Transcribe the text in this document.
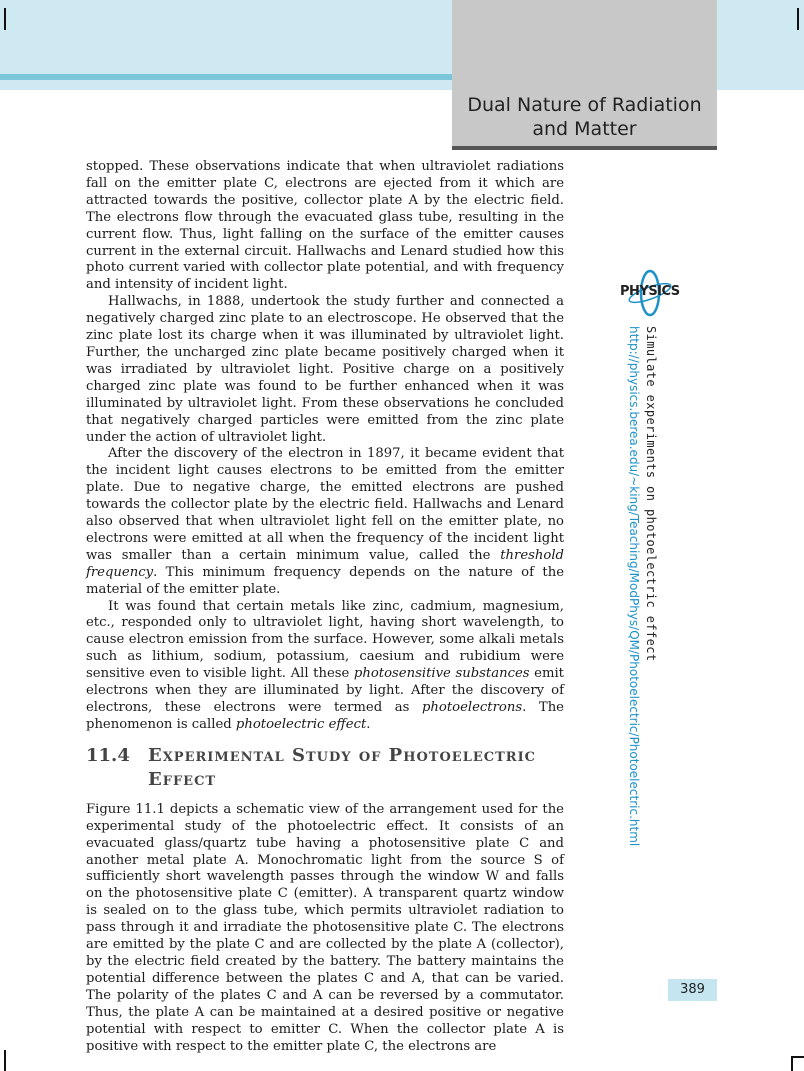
Dual Nature of Radiation
and Matter

stopped. These observations indicate that when ultraviolet radiations fall on the emitter plate C, electrons are ejected from it which are attracted towards the positive, collector plate A by the electric field. The electrons flow through the evacuated glass tube, resulting in the current flow. Thus, light falling on the surface of the emitter causes current in the external circuit. Hallwachs and Lenard studied how this photo current varied with collector plate potential, and with frequency and intensity of incident light.

Hallwachs, in 1888, undertook the study further and connected a negatively charged zinc plate to an electroscope. He observed that the zinc plate lost its charge when it was illuminated by ultraviolet light. Further, the uncharged zinc plate became positively charged when it was irradiated by ultraviolet light. Positive charge on a positively charged zinc plate was found to be further enhanced when it was illuminated by ultraviolet light. From these observations he concluded that negatively charged particles were emitted from the zinc plate under the action of ultraviolet light.

After the discovery of the electron in 1897, it became evident that the incident light causes electrons to be emitted from the emitter plate. Due to negative charge, the emitted electrons are pushed towards the collector plate by the electric field. Hallwachs and Lenard also observed that when ultraviolet light fell on the emitter plate, no electrons were emitted at all when the frequency of the incident light was smaller than a certain minimum value, called the threshold frequency. This minimum frequency depends on the nature of the material of the emitter plate.

It was found that certain metals like zinc, cadmium, magnesium, etc., responded only to ultraviolet light, having short wavelength, to cause electron emission from the surface. However, some alkali metals such as lithium, sodium, potassium, caesium and rubidium were sensitive even to visible light. All these photosensitive substances emit electrons when they are illuminated by light. After the discovery of electrons, these electrons were termed as photoelectrons. The phenomenon is called photoelectric effect.

11.4 Experimental Study of Photoelectric Effect

Figure 11.1 depicts a schematic view of the arrangement used for the experimental study of the photoelectric effect. It consists of an evacuated glass/quartz tube having a photosensitive plate C and another metal plate A. Monochromatic light from the source S of sufficiently short wavelength passes through the window W and falls on the photosensitive plate C (emitter). A transparent quartz window is sealed on to the glass tube, which permits ultraviolet radiation to pass through it and irradiate the photosensitive plate C. The electrons are emitted by the plate C and are collected by the plate A (collector), by the electric field created by the battery. The battery maintains the potential difference between the plates C and A, that can be varied. The polarity of the plates C and A can be reversed by a commutator. Thus, the plate A can be maintained at a desired positive or negative potential with respect to emitter C. When the collector plate A is positive with respect to the emitter plate C, the electrons are

PHYSICS
Simulate experiments on photoelectric effect
http://physics.berea.edu/~king/Teaching/ModPhys/QM/Photoelectric/Photoelectric.html
389
